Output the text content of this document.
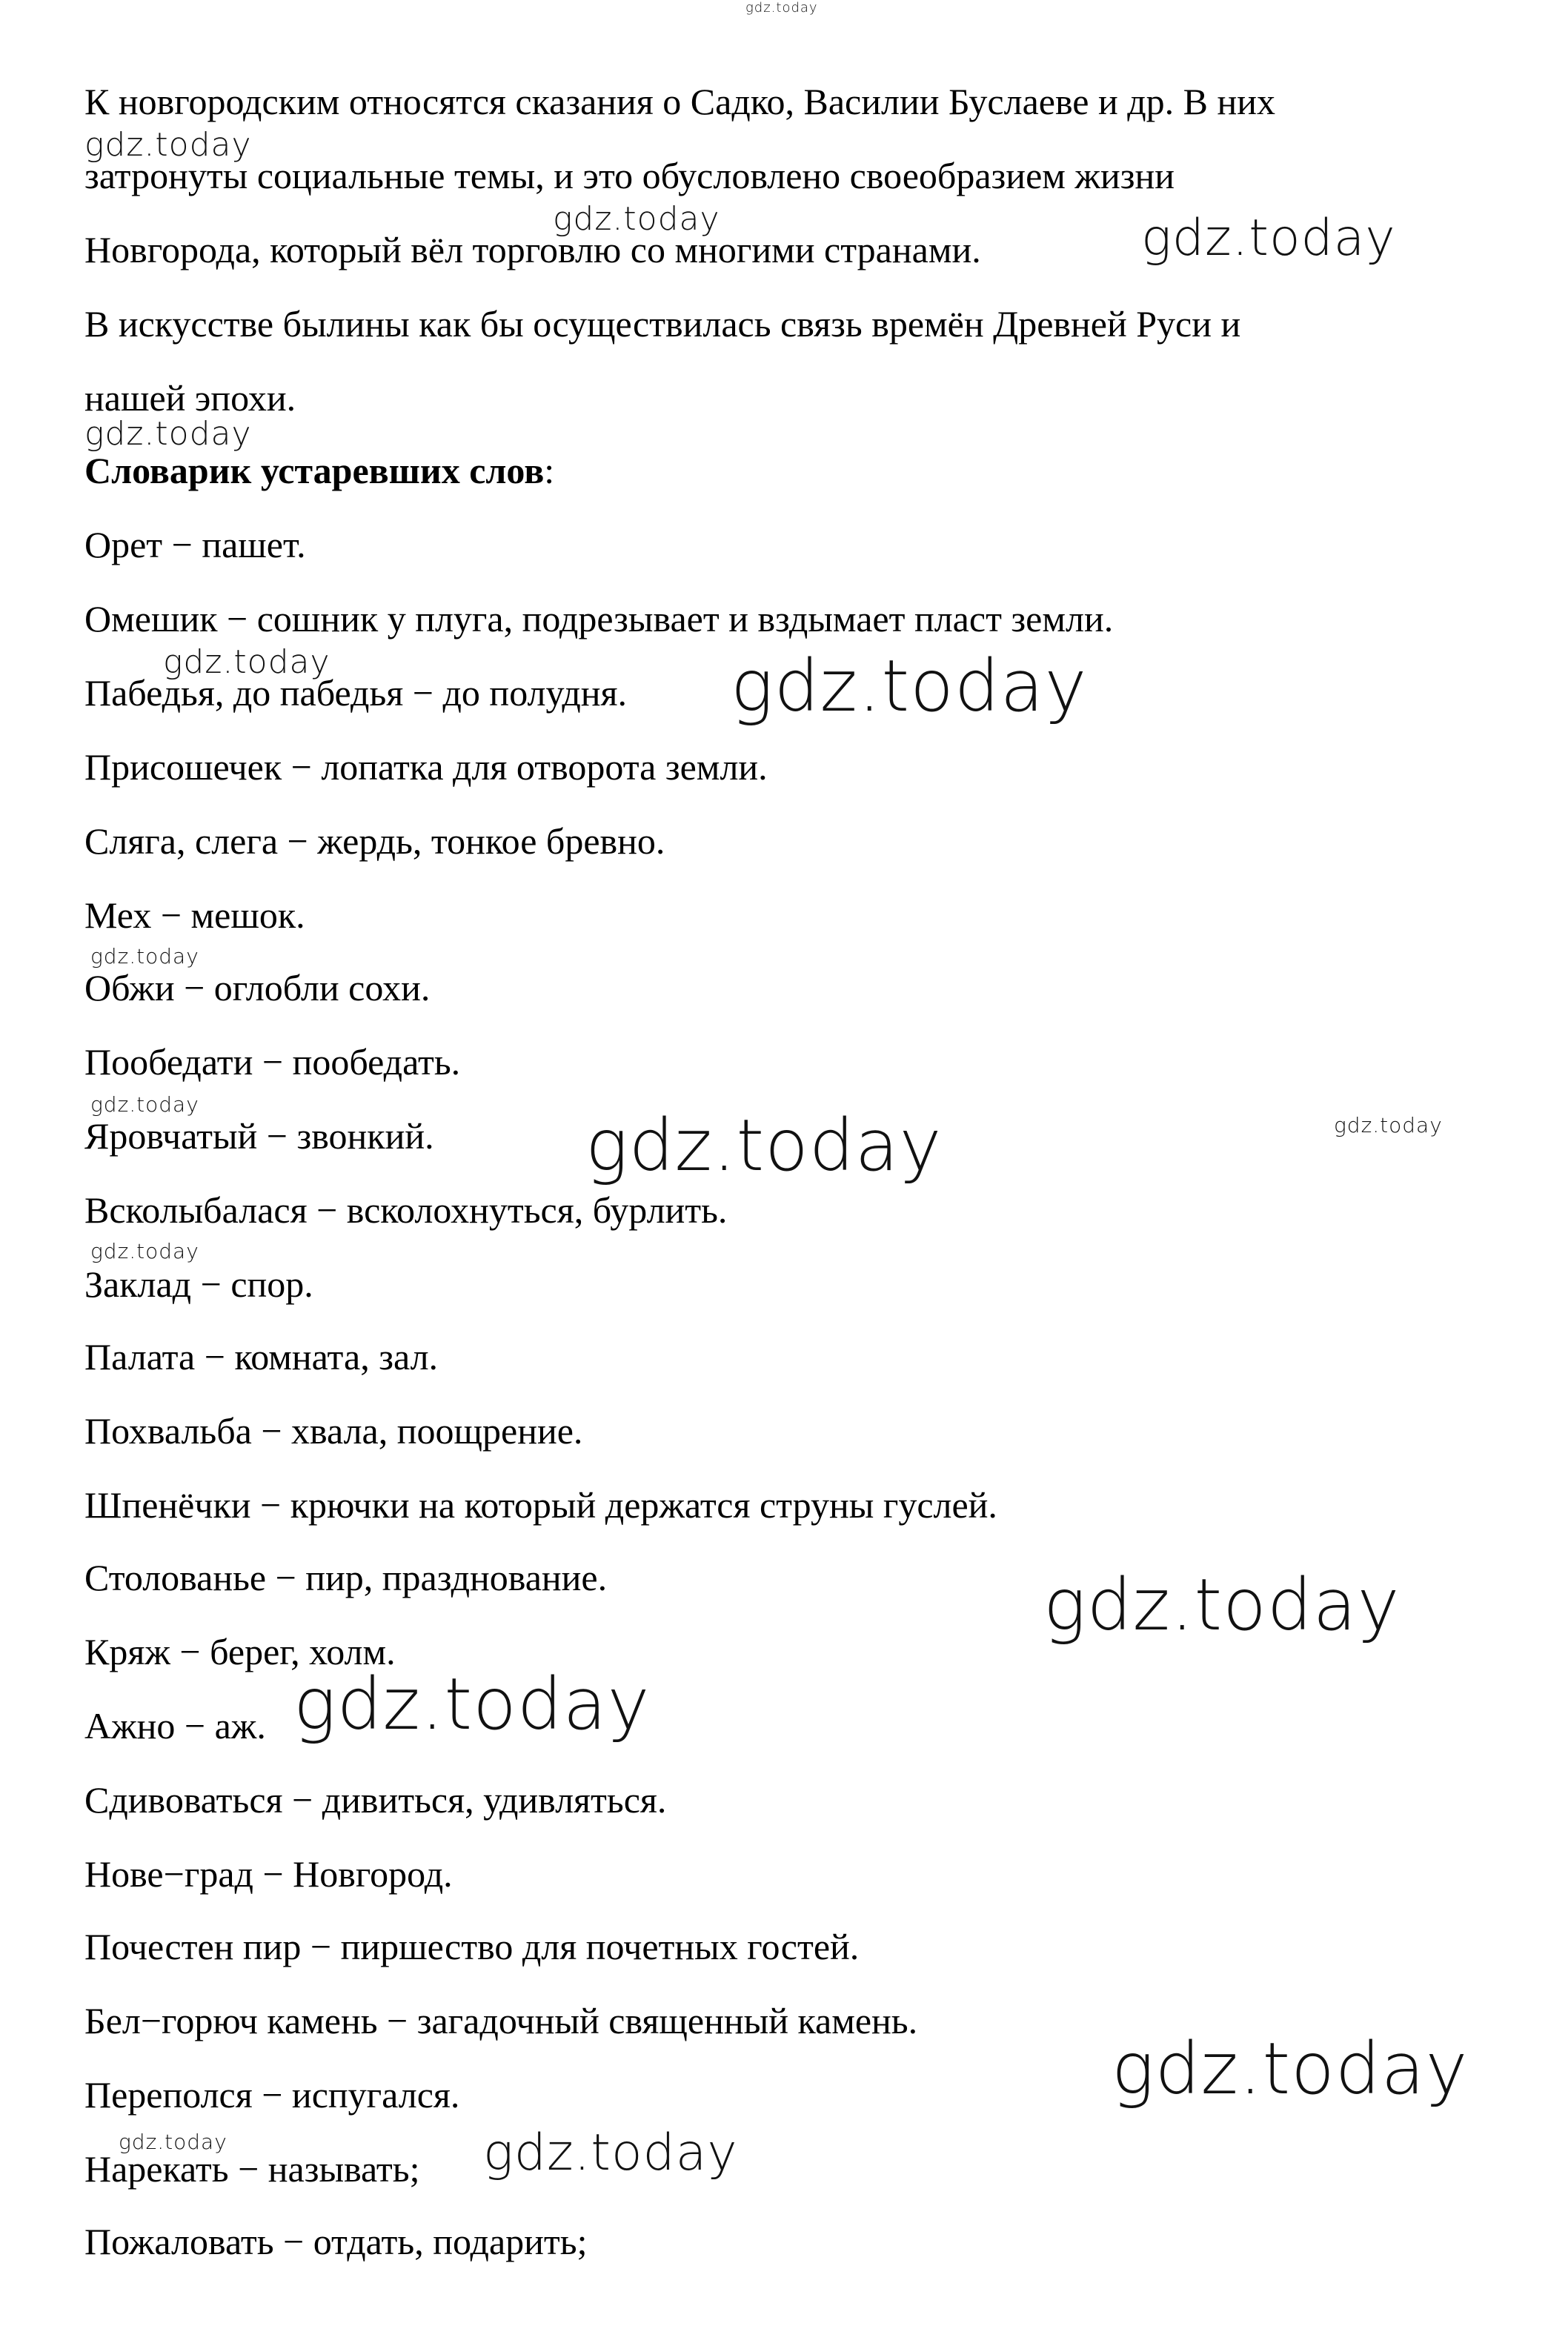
К новгородским относятся сказания о Садко, Василии Буслаеве и др. В них
затронуты социальные темы, и это обусловлено своеобразием жизни
Новгорода, который вёл торговлю со многими странами.
В искусстве былины как бы осуществилась связь времён Древней Руси и
нашей эпохи.
Словарик устаревших слов:
Орет − пашет.
Омешик − сошник у плуга, подрезывает и вздымает пласт земли.
Пабедья, до пабедья − до полудня.
Присошечек − лопатка для отворота земли.
Сляга, слега − жердь, тонкое бревно.
Мех − мешок.
Обжи − оглобли сохи.
Пообедати − пообедать.
Яровчатый − звонкий.
Всколыбалася − всколохнуться, бурлить.
Заклад − спор.
Палата − комната, зал.
Похвальба − хвала, поощрение.
Шпенёчки − крючки на который держатся струны гуслей.
Столованье − пир, празднование.
Кряж − берег, холм.
Ажно − аж.
Сдивоваться − дивиться, удивляться.
Нове−град − Новгород.
Почестен пир − пиршество для почетных гостей.
Бел−горюч камень − загадочный священный камень.
Переполся − испугался.
Нарекать − называть;
Пожаловать − отдать, подарить;
gdz.today
gdz.today
gdz.today	gdz.today
gdz.today
gdz.today	gdz.today
gdz.today
gdz.today
gdz.today
gdz.today
gdz.today
gdz.today
gdz.today
gdz.today
gdz.today	gdz.today
